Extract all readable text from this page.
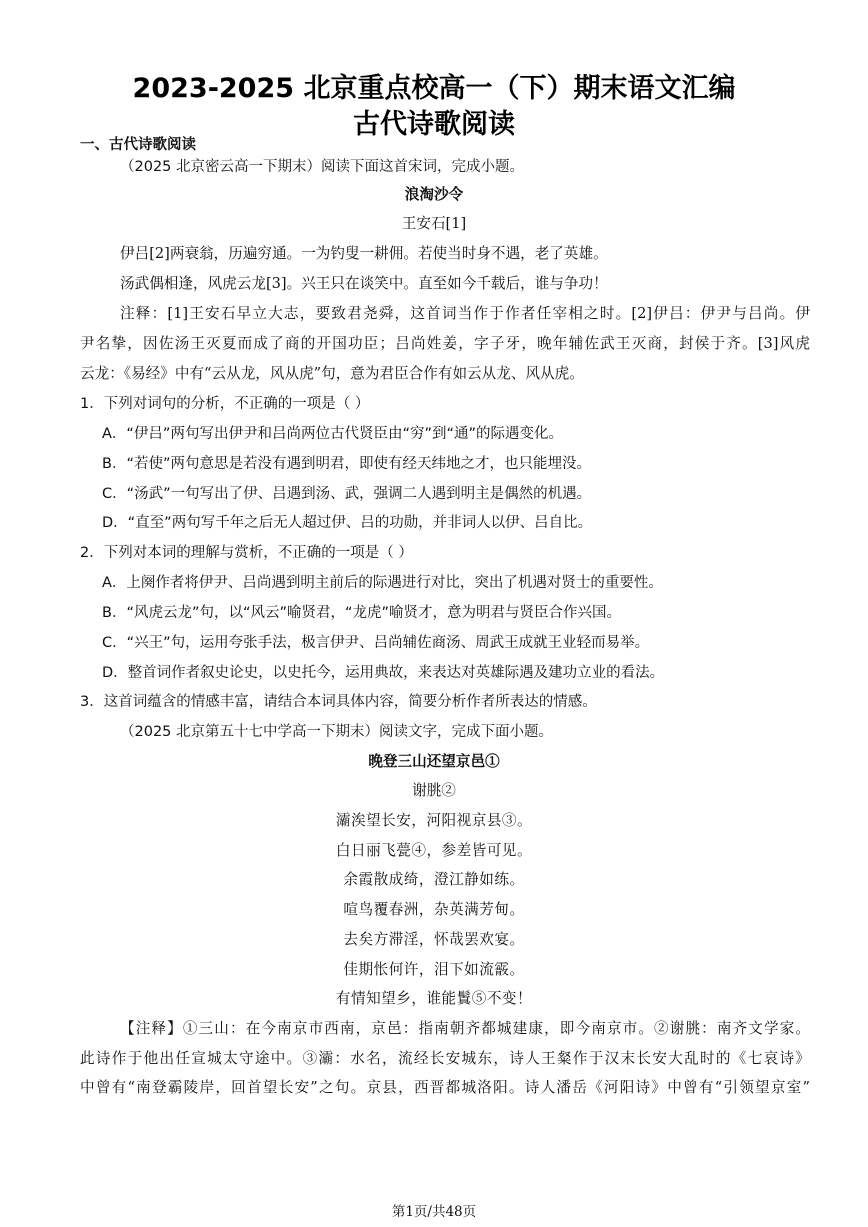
2023-2025 北京重点校高一（下）期末语文汇编
古代诗歌阅读
一、古代诗歌阅读
（2025 北京密云高一下期末）阅读下面这首宋词，完成小题。
浪淘沙令
王安石[1]
伊吕[2]两衰翁，历遍穷通。一为钓叟一耕佣。若使当时身不遇，老了英雄。
汤武偶相逢，风虎云龙[3]。兴王只在谈笑中。直至如今千载后，谁与争功！
注释：[1]王安石早立大志，要致君尧舜，这首词当作于作者任宰相之时。[2]伊吕：伊尹与吕尚。伊
尹名挚，因佐汤王灭夏而成了商的开国功臣；吕尚姓姜，字子牙，晚年辅佐武王灭商，封侯于齐。[3]风虎
云龙：《易经》中有“云从龙，风从虎”句，意为君臣合作有如云从龙、风从虎。
1．下列对词句的分析，不正确的一项是（ ）
A．“伊吕”两句写出伊尹和吕尚两位古代贤臣由“穷”到“通”的际遇变化。
B．“若使”两句意思是若没有遇到明君，即使有经天纬地之才，也只能埋没。
C．“汤武”一句写出了伊、吕遇到汤、武，强调二人遇到明主是偶然的机遇。
D．“直至”两句写千年之后无人超过伊、吕的功勋，并非词人以伊、吕自比。
2．下列对本词的理解与赏析，不正确的一项是（ ）
A．上阕作者将伊尹、吕尚遇到明主前后的际遇进行对比，突出了机遇对贤士的重要性。
B．“风虎云龙”句，以“风云”喻贤君，“龙虎”喻贤才，意为明君与贤臣合作兴国。
C．“兴王”句，运用夸张手法，极言伊尹、吕尚辅佐商汤、周武王成就王业轻而易举。
D．整首词作者叙史论史，以史托今，运用典故，来表达对英雄际遇及建功立业的看法。
3．这首词蕴含的情感丰富，请结合本词具体内容，简要分析作者所表达的情感。
（2025 北京第五十七中学高一下期末）阅读文字，完成下面小题。
晚登三山还望京邑①
谢朓②
灞涘望长安，河阳视京县③。
白日丽飞甍④，参差皆可见。
余霞散成绮，澄江静如练。
喧鸟覆春洲，杂英满芳甸。
去矣方滞淫，怀哉罢欢宴。
佳期怅何许，泪下如流霰。
有情知望乡，谁能鬒⑤不变！
【注释】①三山：在今南京市西南，京邑：指南朝齐都城建康，即今南京市。②谢朓：南齐文学家。
此诗作于他出任宣城太守途中。③灞：水名，流经长安城东，诗人王粲作于汉末长安大乱时的《七哀诗》
中曾有“南登霸陵岸，回首望长安”之句。京县，西晋都城洛阳。诗人潘岳《河阳诗》中曾有“引领望京室”
第1页/共48页
